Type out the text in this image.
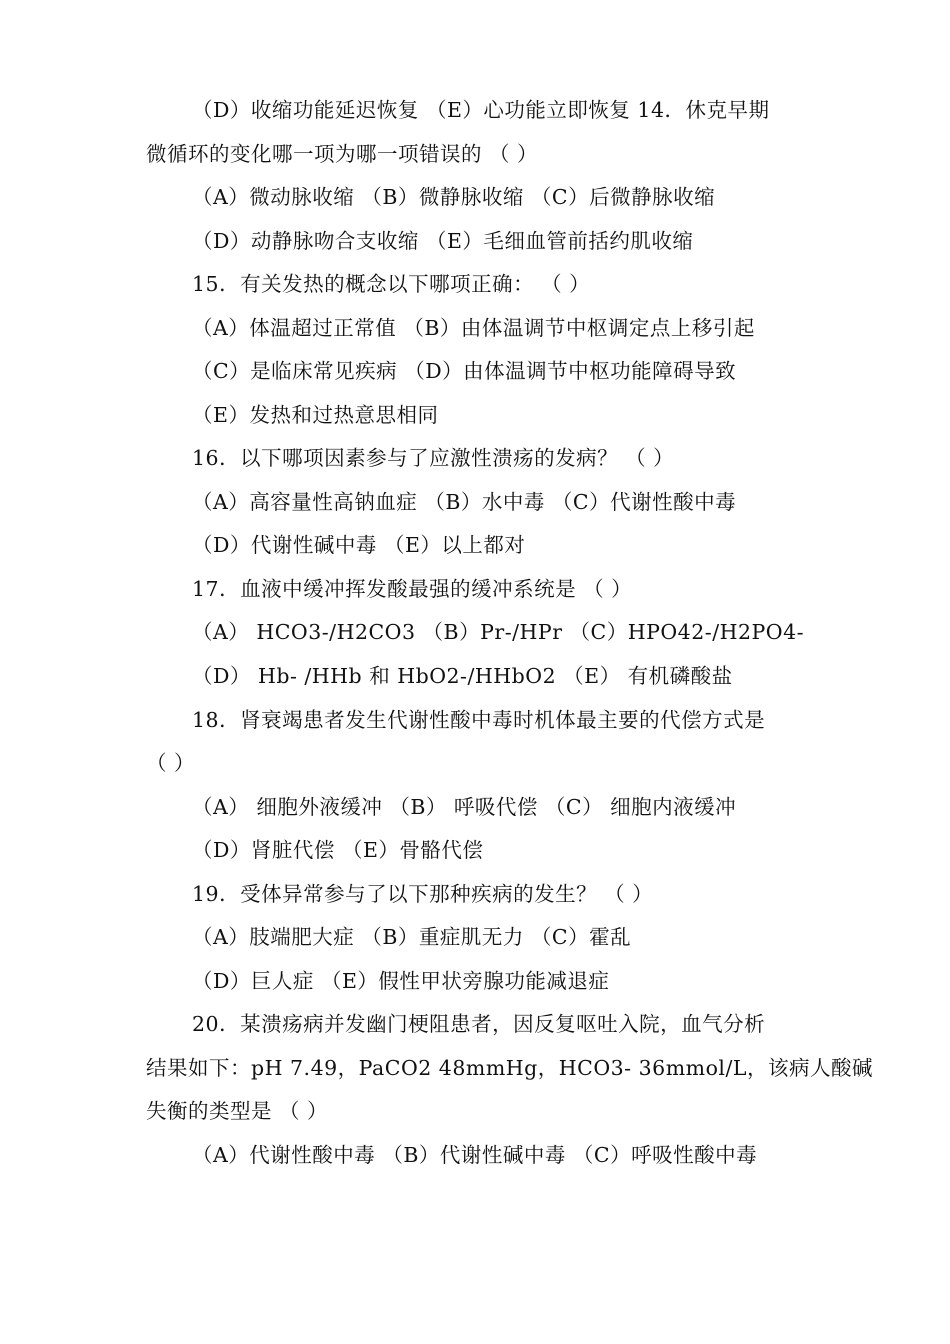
（D）收缩功能延迟恢复 （E）心功能立即恢复 14．休克早期
微循环的变化哪一项为哪一项错误的 （ ）
（A）微动脉收缩 （B）微静脉收缩 （C）后微静脉收缩
（D）动静脉吻合支收缩 （E）毛细血管前括约肌收缩
15．有关发热的概念以下哪项正确： （ ）
（A）体温超过正常值 （B）由体温调节中枢调定点上移引起
（C）是临床常见疾病 （D）由体温调节中枢功能障碍导致
（E）发热和过热意思相同
16．以下哪项因素参与了应激性溃疡的发病？ （ ）
（A）高容量性高钠血症 （B）水中毒 （C）代谢性酸中毒
（D）代谢性碱中毒 （E）以上都对
17．血液中缓冲挥发酸最强的缓冲系统是 （ ）
（A） HCO3-/H2CO3 （B）Pr-/HPr （C）HPO42-/H2PO4-
（D） Hb- /HHb 和 HbO2-/HHbO2 （E） 有机磷酸盐
18．肾衰竭患者发生代谢性酸中毒时机体最主要的代偿方式是
（ ）
（A） 细胞外液缓冲 （B） 呼吸代偿 （C） 细胞内液缓冲
（D）肾脏代偿 （E）骨骼代偿
19．受体异常参与了以下那种疾病的发生？ （ ）
（A）肢端肥大症 （B）重症肌无力 （C）霍乱
（D）巨人症 （E）假性甲状旁腺功能减退症
20．某溃疡病并发幽门梗阻患者，因反复呕吐入院，血气分析
结果如下：pH 7.49，PaCO2 48mmHg，HCO3- 36mmol/L，该病人酸碱
失衡的类型是 （ ）
（A）代谢性酸中毒 （B）代谢性碱中毒 （C）呼吸性酸中毒
